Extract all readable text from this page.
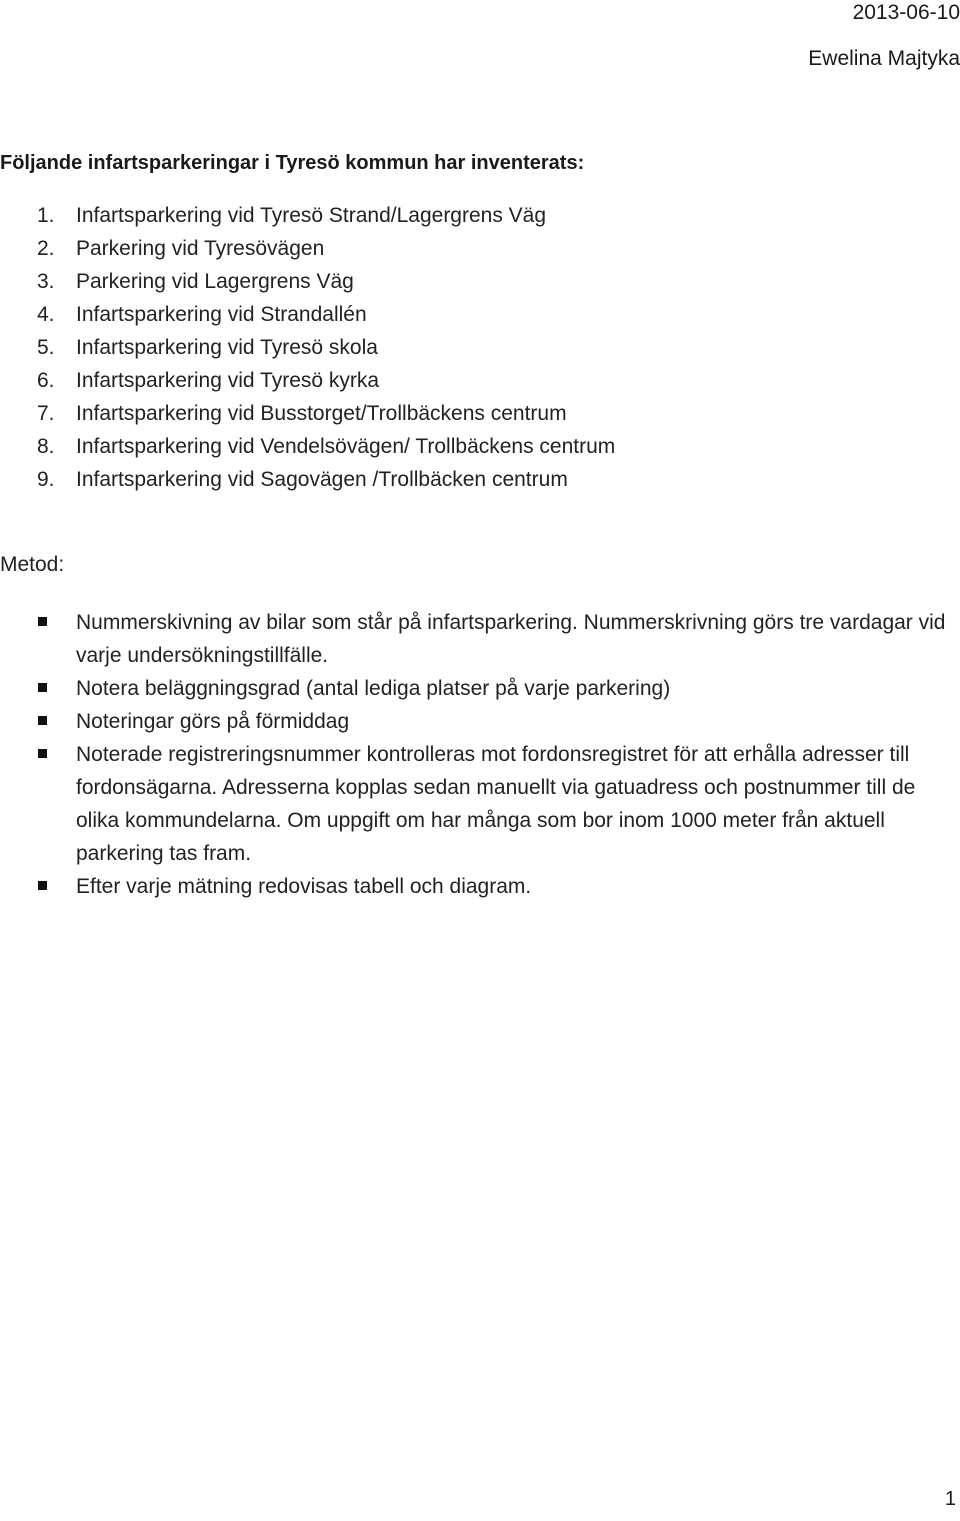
2013-06-10
Ewelina Majtyka
Följande infartsparkeringar i Tyresö kommun har inventerats:
1. Infartsparkering vid Tyresö Strand/Lagergrens Väg
2. Parkering vid Tyresövägen
3. Parkering vid Lagergrens Väg
4. Infartsparkering vid Strandallén
5. Infartsparkering vid Tyresö skola
6. Infartsparkering vid Tyresö kyrka
7. Infartsparkering vid Busstorget/Trollbäckens centrum
8. Infartsparkering vid Vendelsövägen/ Trollbäckens centrum
9. Infartsparkering vid Sagovägen /Trollbäcken centrum
Metod:
Nummerskivning av bilar som står på infartsparkering. Nummerskrivning görs tre vardagar vid varje undersökningstillfälle.
Notera beläggningsgrad (antal lediga platser på varje parkering)
Noteringar görs på förmiddag
Noterade registreringsnummer kontrolleras mot fordonsregistret för att erhålla adresser till fordonsägarna. Adresserna kopplas sedan manuellt via gatuadress och postnummer till de olika kommundelarna. Om uppgift om har många som bor inom 1000 meter från aktuell parkering tas fram.
Efter varje mätning redovisas tabell och diagram.
1
